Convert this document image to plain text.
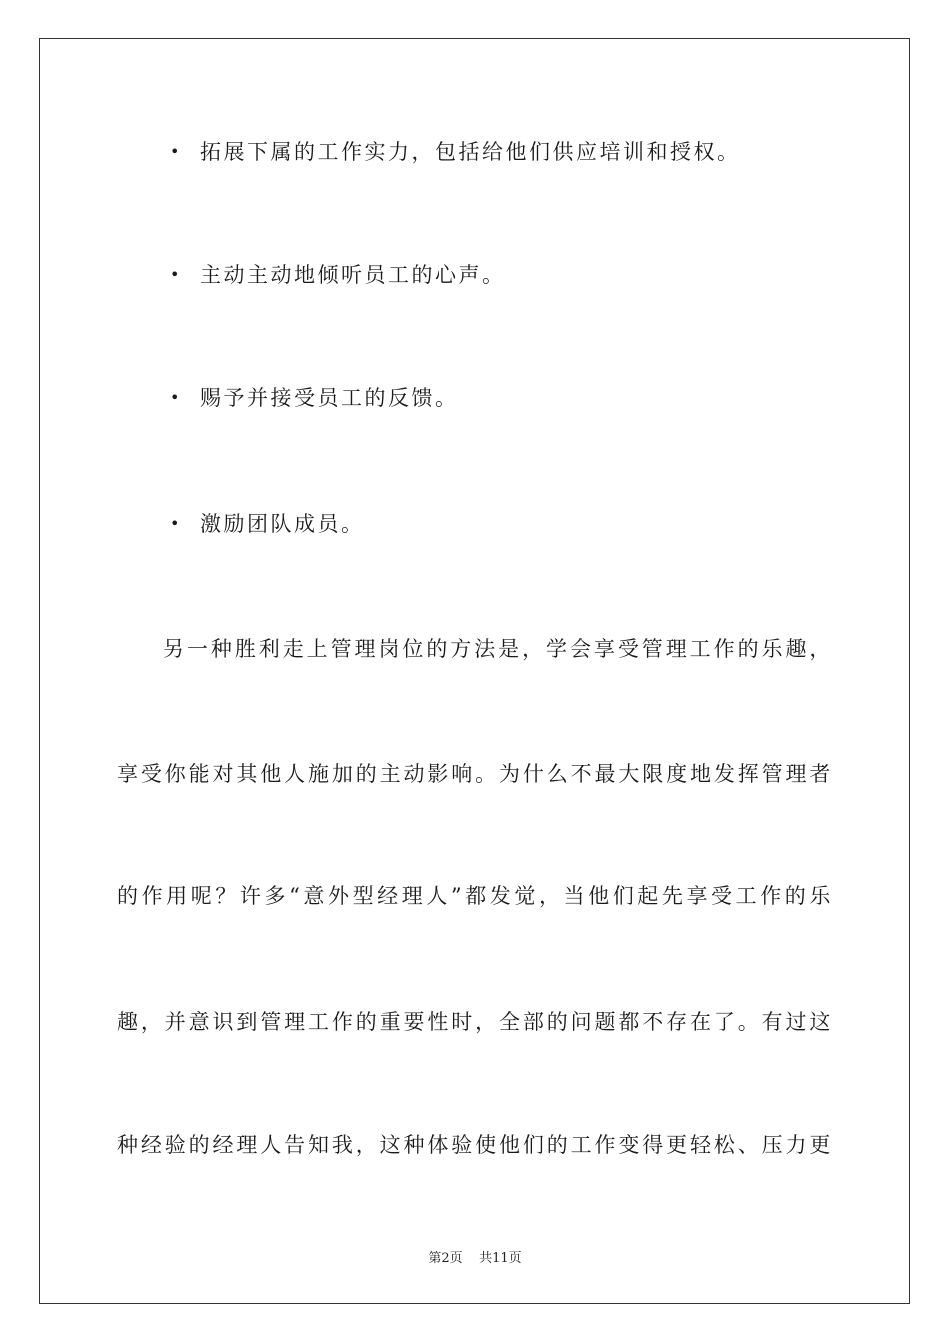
• 拓展下属的工作实力，包括给他们供应培训和授权。
• 主动主动地倾听员工的心声。
• 赐予并接受员工的反馈。
• 激励团队成员。
另一种胜利走上管理岗位的方法是，学会享受管理工作的乐趣，
享受你能对其他人施加的主动影响。为什么不最大限度地发挥管理者
的作用呢？许多“意外型经理人”都发觉，当他们起先享受工作的乐
趣，并意识到管理工作的重要性时，全部的问题都不存在了。有过这
种经验的经理人告知我，这种体验使他们的工作变得更轻松、压力更
第2页    共11页
